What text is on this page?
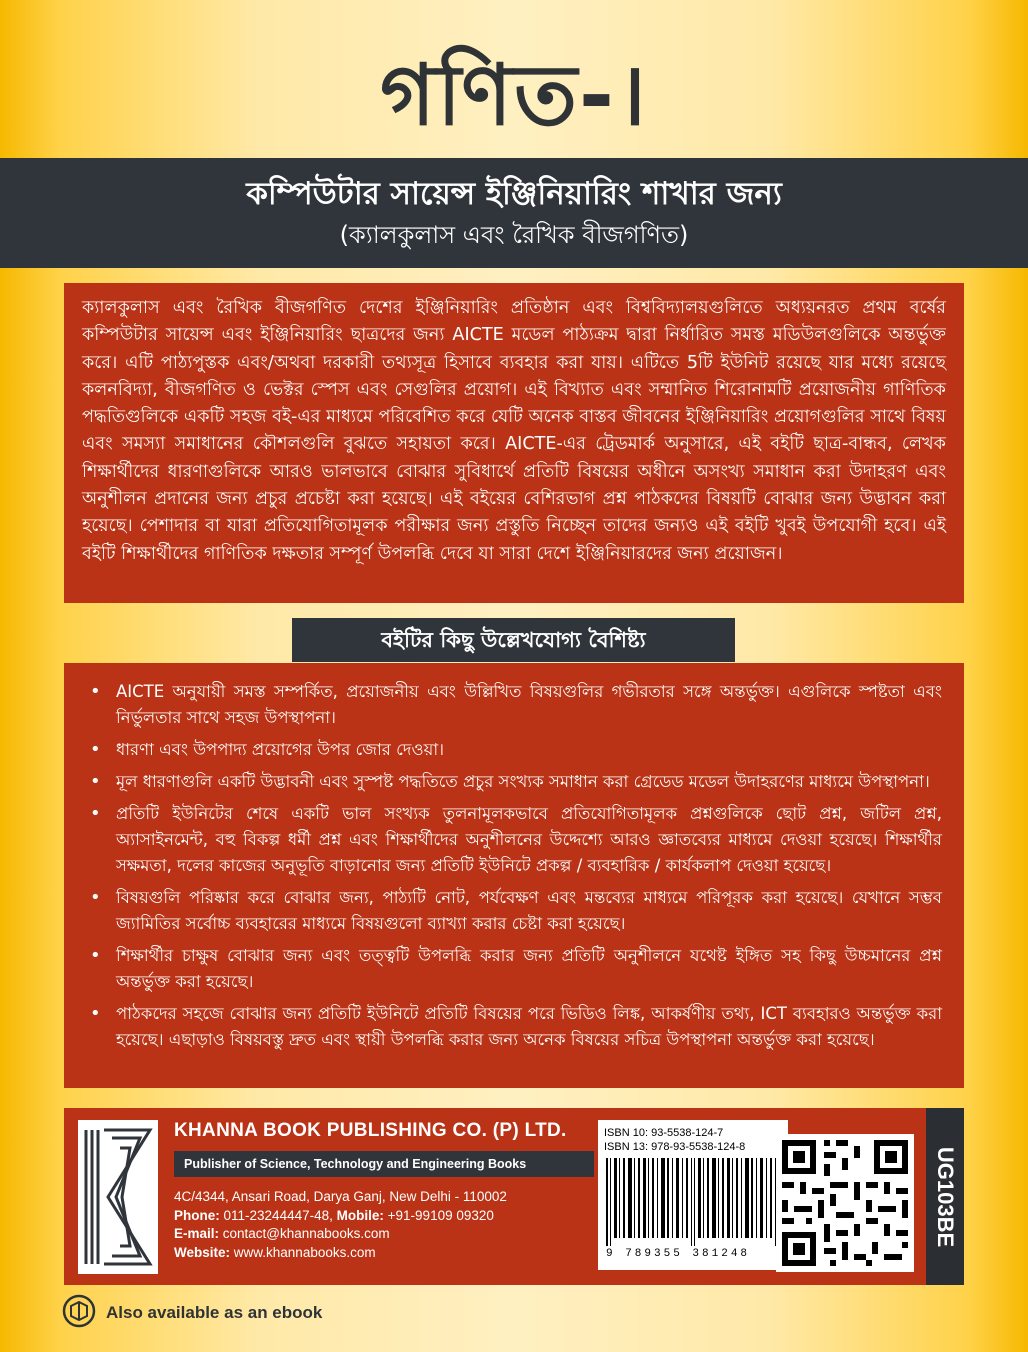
গণিত-।
কম্পিউটার সায়েন্স ইঞ্জিনিয়ারিং শাখার জন্য
(ক্যালকুলাস এবং রৈখিক বীজগণিত)

ক্যালকুলাস এবং রৈখিক বীজগণিত দেশের ইঞ্জিনিয়ারিং প্রতিষ্ঠান এবং বিশ্ববিদ্যালয়গুলিতে অধ্যয়নরত প্রথম বর্ষের কম্পিউটার সায়েন্স এবং ইঞ্জিনিয়ারিং ছাত্রদের জন্য AICTE মডেল পাঠ্যক্রম দ্বারা নির্ধারিত সমস্ত মডিউলগুলিকে অন্তর্ভুক্ত করে। এটি পাঠ্যপুস্তক এবং/অথবা দরকারী তথ্যসূত্র হিসাবে ব্যবহার করা যায়। এটিতে 5টি ইউনিট রয়েছে যার মধ্যে রয়েছে কলনবিদ্যা, বীজগণিত ও ভেক্টর স্পেস এবং সেগুলির প্রয়োগ। এই বিখ্যাত এবং সম্মানিত শিরোনামটি প্রয়োজনীয় গাণিতিক পদ্ধতিগুলিকে একটি সহজ বই-এর মাধ্যমে পরিবেশিত করে যেটি অনেক বাস্তব জীবনের ইঞ্জিনিয়ারিং প্রয়োগগুলির সাথে বিষয় এবং সমস্যা সমাধানের কৌশলগুলি বুঝতে সহায়তা করে। AICTE-এর ট্রেডমার্ক অনুসারে, এই বইটি ছাত্র-বান্ধব, লেখক শিক্ষার্থীদের ধারণাগুলিকে আরও ভালভাবে বোঝার সুবিধার্থে প্রতিটি বিষয়ের অধীনে অসংখ্য সমাধান করা উদাহরণ এবং অনুশীলন প্রদানের জন্য প্রচুর প্রচেষ্টা করা হয়েছে। এই বইয়ের বেশিরভাগ প্রশ্ন পাঠকদের বিষয়টি বোঝার জন্য উদ্ভাবন করা হয়েছে। পেশাদার বা যারা প্রতিযোগিতামূলক পরীক্ষার জন্য প্রস্তুতি নিচ্ছেন তাদের জন্যও এই বইটি খুবই উপযোগী হবে। এই বইটি শিক্ষার্থীদের গাণিতিক দক্ষতার সম্পূর্ণ উপলব্ধি দেবে যা সারা দেশে ইঞ্জিনিয়ারদের জন্য প্রয়োজন।

বইটির কিছু উল্লেখযোগ্য বৈশিষ্ট্য
• AICTE অনুযায়ী সমস্ত সম্পর্কিত, প্রয়োজনীয় এবং উল্লিখিত বিষয়গুলির গভীরতার সঙ্গে অন্তর্ভুক্ত। এগুলিকে স্পষ্টতা এবং নির্ভুলতার সাথে সহজ উপস্থাপনা।
• ধারণা এবং উপপাদ্য প্রয়োগের উপর জোর দেওয়া।
• মূল ধারণাগুলি একটি উদ্ভাবনী এবং সুস্পষ্ট পদ্ধতিতে প্রচুর সংখ্যক সমাধান করা গ্রেডেড মডেল উদাহরণের মাধ্যমে উপস্থাপনা।
• প্রতিটি ইউনিটের শেষে একটি ভাল সংখ্যক তুলনামূলকভাবে প্রতিযোগিতামূলক প্রশ্নগুলিকে ছোট প্রশ্ন, জটিল প্রশ্ন, অ্যাসাইনমেন্ট, বহু বিকল্প ধর্মী প্রশ্ন এবং শিক্ষার্থীদের অনুশীলনের উদ্দেশ্যে আরও জ্ঞাতব্যের মাধ্যমে দেওয়া হয়েছে। শিক্ষার্থীর সক্ষমতা, দলের কাজের অনুভূতি বাড়ানোর জন্য প্রতিটি ইউনিটে প্রকল্প / ব্যবহারিক / কার্যকলাপ দেওয়া হয়েছে।
• বিষয়গুলি পরিষ্কার করে বোঝার জন্য, পাঠ্যটি নোট, পর্যবেক্ষণ এবং মন্তব্যের মাধ্যমে পরিপূরক করা হয়েছে। যেখানে সম্ভব জ্যামিতির সর্বোচ্চ ব্যবহারের মাধ্যমে বিষয়গুলো ব্যাখ্যা করার চেষ্টা করা হয়েছে।
• শিক্ষার্থীর চাক্ষুষ বোঝার জন্য এবং তত্ত্বটি উপলব্ধি করার জন্য প্রতিটি অনুশীলনে যথেষ্ট ইঙ্গিত সহ কিছু উচ্চমানের প্রশ্ন অন্তর্ভুক্ত করা হয়েছে।
• পাঠকদের সহজে বোঝার জন্য প্রতিটি ইউনিটে প্রতিটি বিষয়ের পরে ভিডিও লিঙ্ক, আকর্ষণীয় তথ্য, ICT ব্যবহারও অন্তর্ভুক্ত করা হয়েছে। এছাড়াও বিষয়বস্তু দ্রুত এবং স্থায়ী উপলব্ধি করার জন্য অনেক বিষয়ের সচিত্র উপস্থাপনা অন্তর্ভুক্ত করা হয়েছে।
KHANNA BOOK PUBLISHING CO. (P) LTD.
Publisher of Science, Technology and Engineering Books
4C/4344, Ansari Road, Darya Ganj, New Delhi - 110002
Phone: 011-23244447-48, Mobile: +91-99109 09320
E-mail: contact@khannabooks.com
Website: www.khannabooks.com
ISBN 10: 93-5538-124-7
ISBN 13: 978-93-5538-124-8
9 789355 381248
UG103BE
Also available as an ebook
